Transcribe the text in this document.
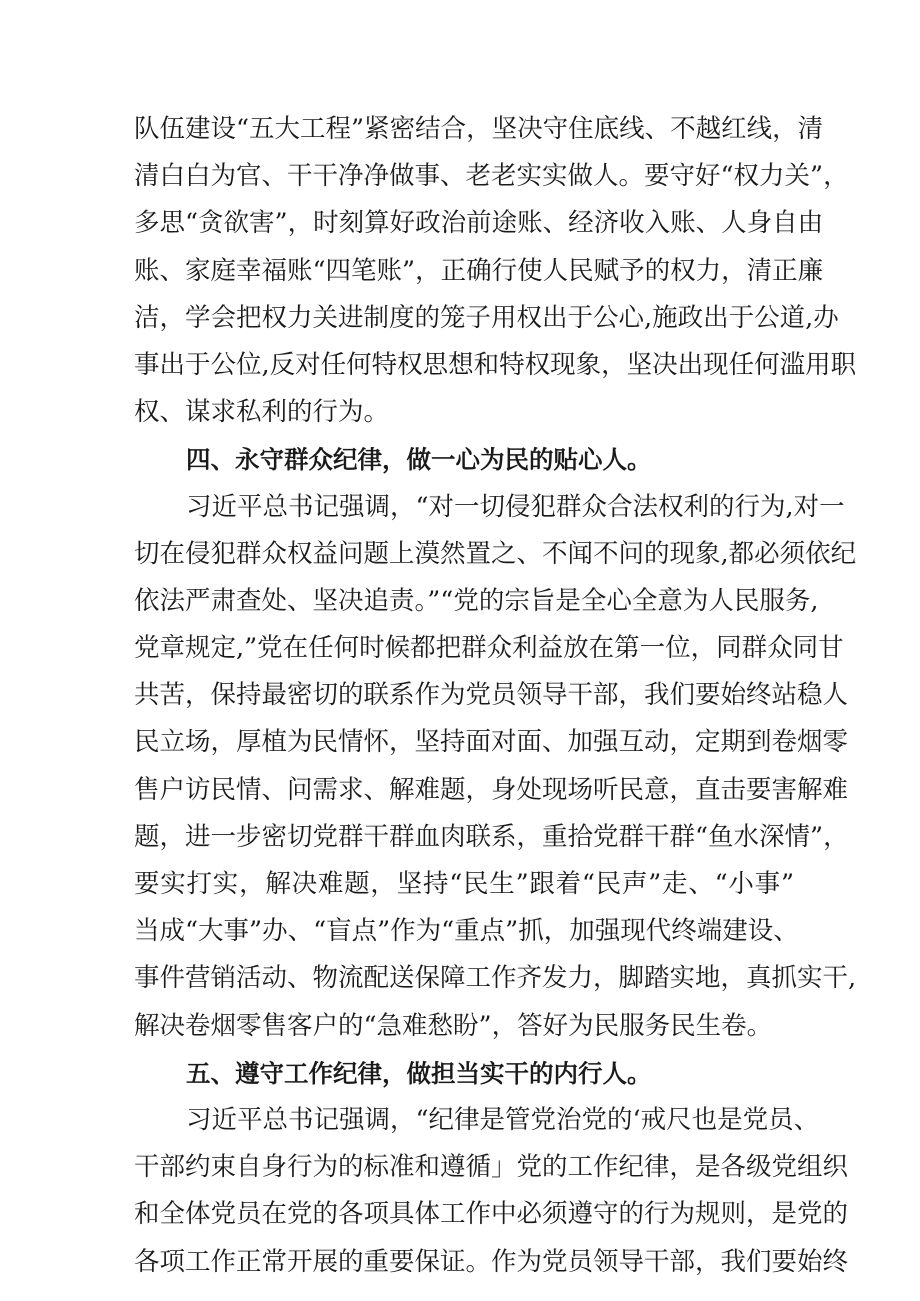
队伍建设“五大工程”紧密结合，坚决守住底线、不越红线，清
清白白为官、干干净净做事、老老实实做人。要守好“权力关”，
多思“贪欲害”，时刻算好政治前途账、经济收入账、人身自由
账、家庭幸福账“四笔账”，正确行使人民赋予的权力，清正廉
洁，学会把权力关进制度的笼子用权出于公心,施政出于公道,办
事出于公位,反对任何特权思想和特权现象，坚决出现任何滥用职
权、谋求私利的行为。
四、永守群众纪律，做一心为民的贴心人。
习近平总书记强调，“对一切侵犯群众合法权利的行为,对一
切在侵犯群众权益问题上漠然置之、不闻不问的现象,都必须依纪
依法严肃查处、坚决追责。”“党的宗旨是全心全意为人民服务,
党章规定,”党在任何时候都把群众利益放在第一位，同群众同甘
共苦，保持最密切的联系作为党员领导干部，我们要始终站稳人
民立场，厚植为民情怀，坚持面对面、加强互动，定期到卷烟零
售户访民情、问需求、解难题，身处现场听民意，直击要害解难
题，进一步密切党群干群血肉联系，重拾党群干群“鱼水深情”，
要实打实，解决难题，坚持“民生”跟着“民声”走、“小事”
当成“大事”办、“盲点”作为“重点”抓，加强现代终端建设、
事件营销活动、物流配送保障工作齐发力，脚踏实地，真抓实干,
解决卷烟零售客户的“急难愁盼”，答好为民服务民生卷。
五、遵守工作纪律，做担当实干的内行人。
习近平总书记强调，“纪律是管党治党的‘戒尺也是党员、
干部约束自身行为的标准和遵循」党的工作纪律，是各级党组织
和全体党员在党的各项具体工作中必须遵守的行为规则，是党的
各项工作正常开展的重要保证。作为党员领导干部，我们要始终
